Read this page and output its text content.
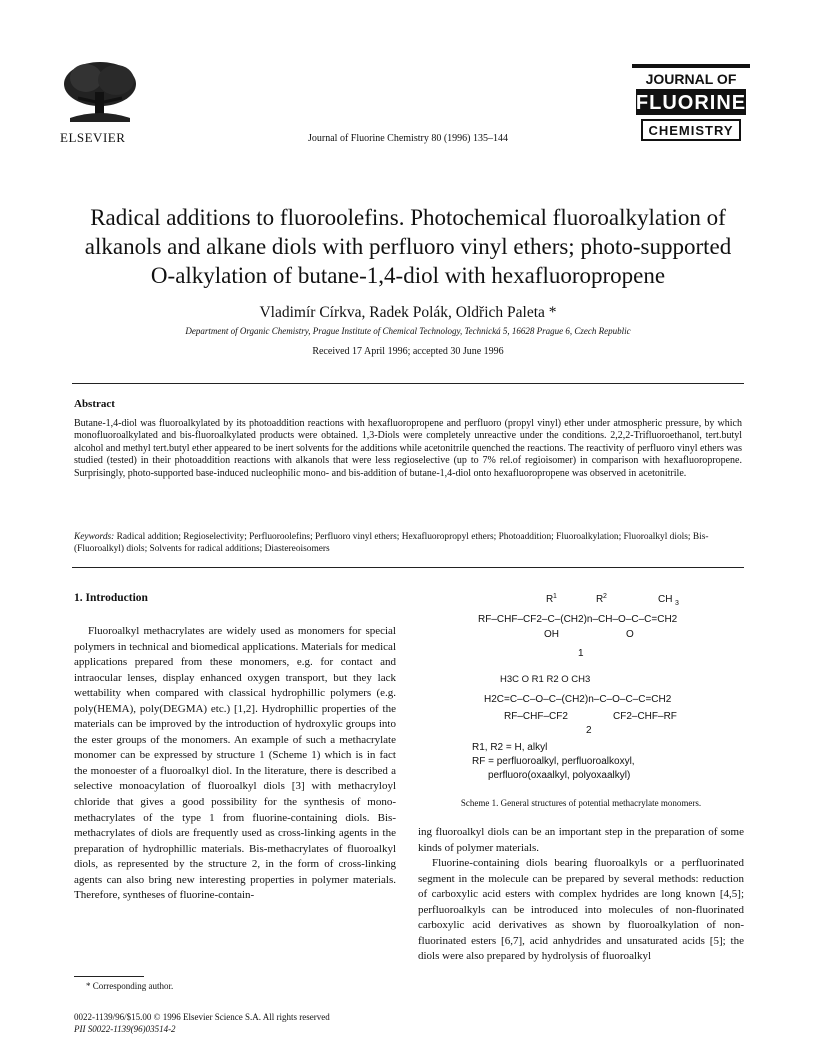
ELSEVIER	Journal of Fluorine Chemistry 80 (1996) 135–144
JOURNAL OF
FLUORINE
CHEMISTRY
Radical additions to fluoroolefins. Photochemical fluoroalkylation of
alkanols and alkane diols with perfluoro vinyl ethers; photo-supported
O-alkylation of butane-1,4-diol with hexafluoropropene
Vladimír Církva, Radek Polák, Oldřich Paleta *
Department of Organic Chemistry, Prague Institute of Chemical Technology, Technická 5, 16628 Prague 6, Czech Republic
Received 17 April 1996; accepted 30 June 1996
Abstract
Butane-1,4-diol was fluoroalkylated by its photoaddition reactions with hexafluoropropene and perfluoro (propyl vinyl) ether under atmospheric pressure, by which monofluoroalkylated and bis-fluoroalkylated products were obtained. 1,3-Diols were completely unreactive under the conditions. 2,2,2-Trifluoroethanol, tert.butyl alcohol and methyl tert.butyl ether appeared to be inert solvents for the additions while acetonitrile quenched the reactions. The reactivity of perfluoro vinyl ethers was studied (tested) in their photoaddition reactions with alkanols that were less regioselective (up to 7% rel.of regioisomer) in comparison with hexafluoropropene. Surprisingly, photo-supported base-induced nucleophilic mono- and bis-addition of butane-1,4-diol onto hexafluoropropene was observed in acetonitrile.
Keywords: Radical addition; Regioselectivity; Perfluoroolefins; Perfluoro vinyl ethers; Hexafluoropropyl ethers; Photoaddition; Fluoroalkylation; Fluoroalkyl diols; Bis-(Fluoroalkyl) diols; Solvents for radical additions; Diastereoisomers
1. Introduction
Fluoroalkyl methacrylates are widely used as monomers for special polymers in technical and biomedical applications. Materials for medical applications prepared from these monomers, e.g. for contact and intraocular lenses, display enhanced oxygen transport, but they lack wettability when compared with classical hydrophillic polymers (e.g. poly(HEMA), poly(DEGMA) etc.) [1,2]. Hydrophillic properties of the materials can be improved by the introduction of hydroxylic groups into the ester groups of the monomers. An example of such a methacrylate monomer can be expressed by structure 1 (Scheme 1) which is in fact the monoester of a fluoroalkyl diol. In the literature, there is described a selective monoacylation of fluoroalkyl diols [3] with methacryloyl chloride that gives a good possibility for the synthesis of mono-methacrylates of the type 1 from fluorine-containing diols. Bis-methacrylates of diols are frequently used as cross-linking agents in the preparation of hydrophillic materials. Bis-methacrylates of fluoroalkyl diols, as represented by the structure 2, in the form of cross-linking agents can also bring new interesting properties in polymer materials. Therefore, syntheses of fluorine-contain-
* Corresponding author.
0022-1139/96/$15.00 © 1996 Elsevier Science S.A. All rights reserved
PII S0022-1139(96)03514-2
R 1	R 2	CH 3
RF–CHF–CF2–C–(CH2)n–CH–O–C–C=CH2
OH	O
1
H3C O R1 R2 O CH3
H2C=C–C–O–C–(CH2)n–C–O–C–C=CH2
RF–CHF–CF2	CF2–CHF–RF
2
R1, R2 = H, alkyl
RF = perfluoroalkyl, perfluoroalkoxyl,
perfluoro(oxaalkyl, polyoxaalkyl)
Scheme 1. General structures of potential methacrylate monomers.
ing fluoroalkyl diols can be an important step in the preparation of some kinds of polymer materials.
Fluorine-containing diols bearing fluoroalkyls or a perfluorinated segment in the molecule can be prepared by several methods: reduction of carboxylic acid esters with complex hydrides are long known [4,5]; perfluoroalkyls can be introduced into molecules of non-fluorinated carboxylic acid derivatives as shown by fluoroalkylation of non-fluorinated esters [6,7], acid anhydrides and unsaturated acids [5]; the diols were also prepared by hydrolysis of fluoroalkyl
